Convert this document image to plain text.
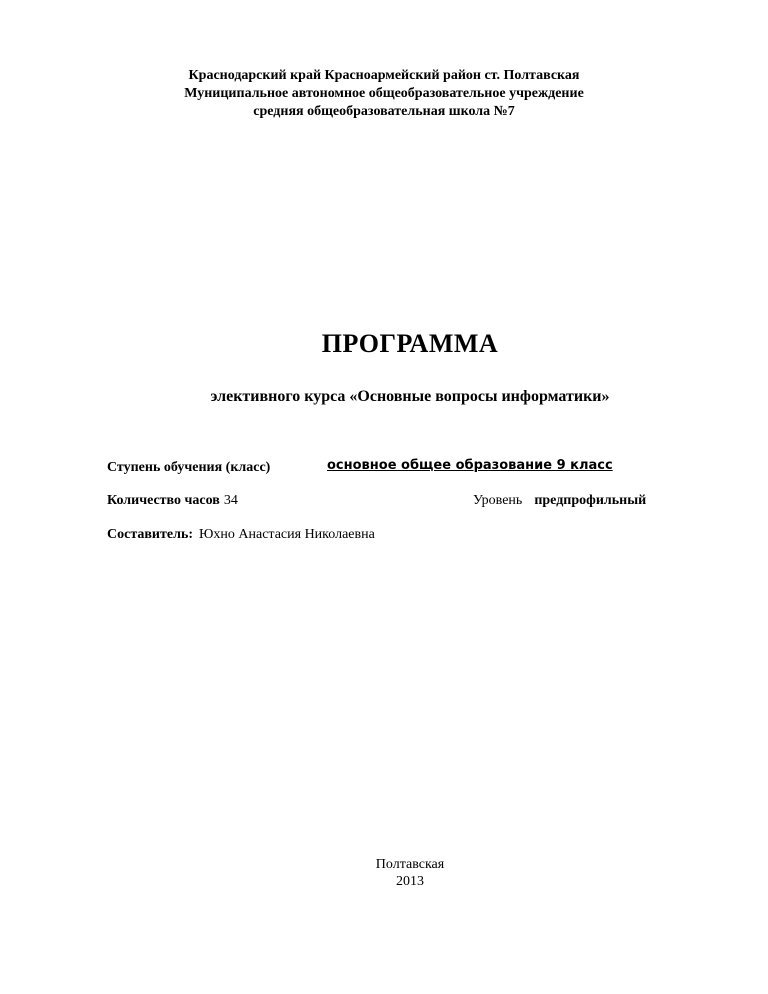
Краснодарский край Красноармейский район ст. Полтавская
Муниципальное автономное общеобразовательное учреждение
средняя общеобразовательная школа №7
ПРОГРАММА
элективного курса «Основные вопросы информатики»
Ступень обучения (класс)	основное общее образование 9 класс
Количество часов 34	Уровень предпрофильный
Составитель: Юхно Анастасия Николаевна
Полтавская
2013
